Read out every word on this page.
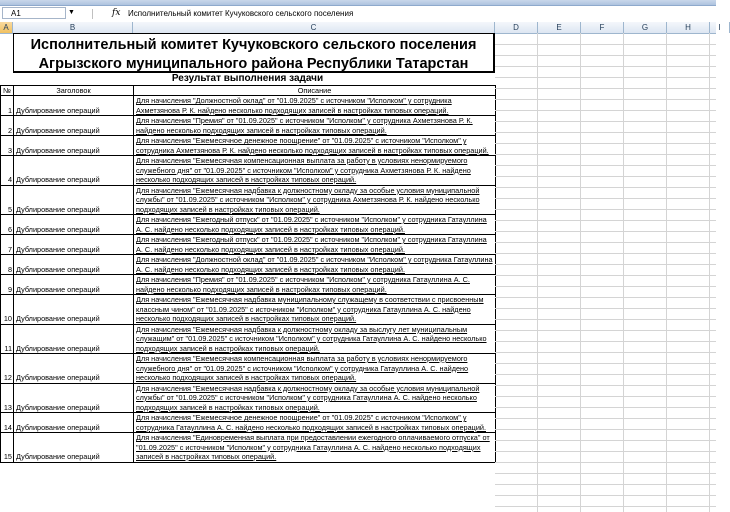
A1	▼	fx Исполнительный комитет Кучуковского сельского поселения
A	B	C	D	E	F	G	H	I
Исполнительный комитет Кучуковского сельского поселения
Агрызского муниципального района Республики Татарстан
Результат выполнения задачи
№	Заголовок	Описание
1	Дублирование операций	Для начисления "Должностной оклад" от "01.09.2025" с источником "Исполком" у сотрудника Ахметзянова Р. К. найдено несколько подходящих записей в настройках типовых операций.
2	Дублирование операций	Для начисления "Премия" от "01.09.2025" с источником "Исполком" у сотрудника Ахметзянова Р. К. найдено несколько подходящих записей в настройках типовых операций.
3	Дублирование операций	Для начисления "Ежемесячное денежное поощрение" от "01.09.2025" с источником "Исполком" у сотрудника Ахметзянова Р. К. найдено несколько подходящих записей в настройках типовых операций.
4	Дублирование операций	Для начисления "Ежемесячная компенсационная выплата за работу в условиях ненормируемого служебного дня" от "01.09.2025" с источником "Исполком" у сотрудника Ахметзянова Р. К. найдено несколько подходящих записей в настройках типовых операций.
5	Дублирование операций	Для начисления "Ежемесячная надбавка к должностному окладу за особые условия муниципальной службы" от "01.09.2025" с источником "Исполком" у сотрудника Ахметзянова Р. К. найдено несколько подходящих записей в настройках типовых операций.
6	Дублирование операций	Для начисления "Ежегодный отпуск" от "01.09.2025" с источником "Исполком" у сотрудника Гатауллина А. С. найдено несколько подходящих записей в настройках типовых операций.
7	Дублирование операций	Для начисления "Ежегодный отпуск" от "01.09.2025" с источником "Исполком" у сотрудника Гатауллина А. С. найдено несколько подходящих записей в настройках типовых операций.
8	Дублирование операций	Для начисления "Должностной оклад" от "01.09.2025" с источником "Исполком" у сотрудника Гатауллина А. С. найдено несколько подходящих записей в настройках типовых операций.
9	Дублирование операций	Для начисления "Премия" от "01.09.2025" с источником "Исполком" у сотрудника Гатауллина А. С. найдено несколько подходящих записей в настройках типовых операций.
10	Дублирование операций	Для начисления "Ежемесячная надбавка муниципальному служащему в соответствии с присвоенным классным чином" от "01.09.2025" с источником "Исполком" у сотрудника Гатауллина А. С. найдено несколько подходящих записей в настройках типовых операций.
11	Дублирование операций	Для начисления "Ежемесячная надбавка к должностному окладу за выслугу лет муниципальным служащим" от "01.09.2025" с источником "Исполком" у сотрудника Гатауллина А. С. найдено несколько подходящих записей в настройках типовых операций.
12	Дублирование операций	Для начисления "Ежемесячная компенсационная выплата за работу в условиях ненормируемого служебного дня" от "01.09.2025" с источником "Исполком" у сотрудника Гатауллина А. С. найдено несколько подходящих записей в настройках типовых операций.
13	Дублирование операций	Для начисления "Ежемесячная надбавка к должностному окладу за особые условия муниципальной службы" от "01.09.2025" с источником "Исполком" у сотрудника Гатауллина А. С. найдено несколько подходящих записей в настройках типовых операций.
14	Дублирование операций	Для начисления "Ежемесячное денежное поощрение" от "01.09.2025" с источником "Исполком" у сотрудника Гатауллина А. С. найдено несколько подходящих записей в настройках типовых операций.
15	Дублирование операций	Для начисления "Единовременная выплата при предоставлении ежегодного оплачиваемого отпуска" от "01.09.2025" с источником "Исполком" у сотрудника Гатауллина А. С. найдено несколько подходящих записей в настройках типовых операций.
